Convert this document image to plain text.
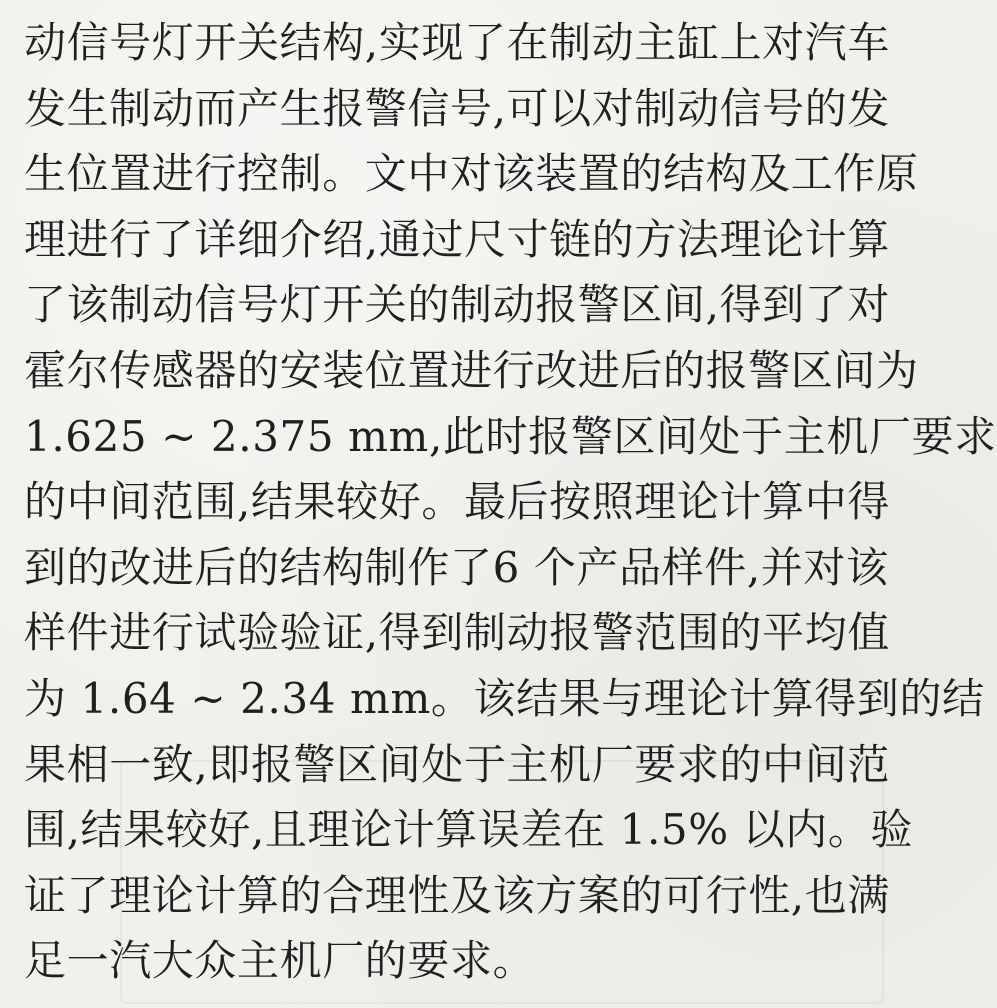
动信号灯开关结构,实现了在制动主缸上对汽车
发生制动而产生报警信号,可以对制动信号的发
生位置进行控制。文中对该装置的结构及工作原
理进行了详细介绍,通过尺寸链的方法理论计算
了该制动信号灯开关的制动报警区间,得到了对
霍尔传感器的安装位置进行改进后的报警区间为
1.625 ~ 2.375 mm,此时报警区间处于主机厂要求
的中间范围,结果较好。最后按照理论计算中得
到的改进后的结构制作了6 个产品样件,并对该
样件进行试验验证,得到制动报警范围的平均值
为 1.64 ~ 2.34 mm。该结果与理论计算得到的结
果相一致,即报警区间处于主机厂要求的中间范
围,结果较好,且理论计算误差在 1.5% 以内。验
证了理论计算的合理性及该方案的可行性,也满
足一汽大众主机厂的要求。
